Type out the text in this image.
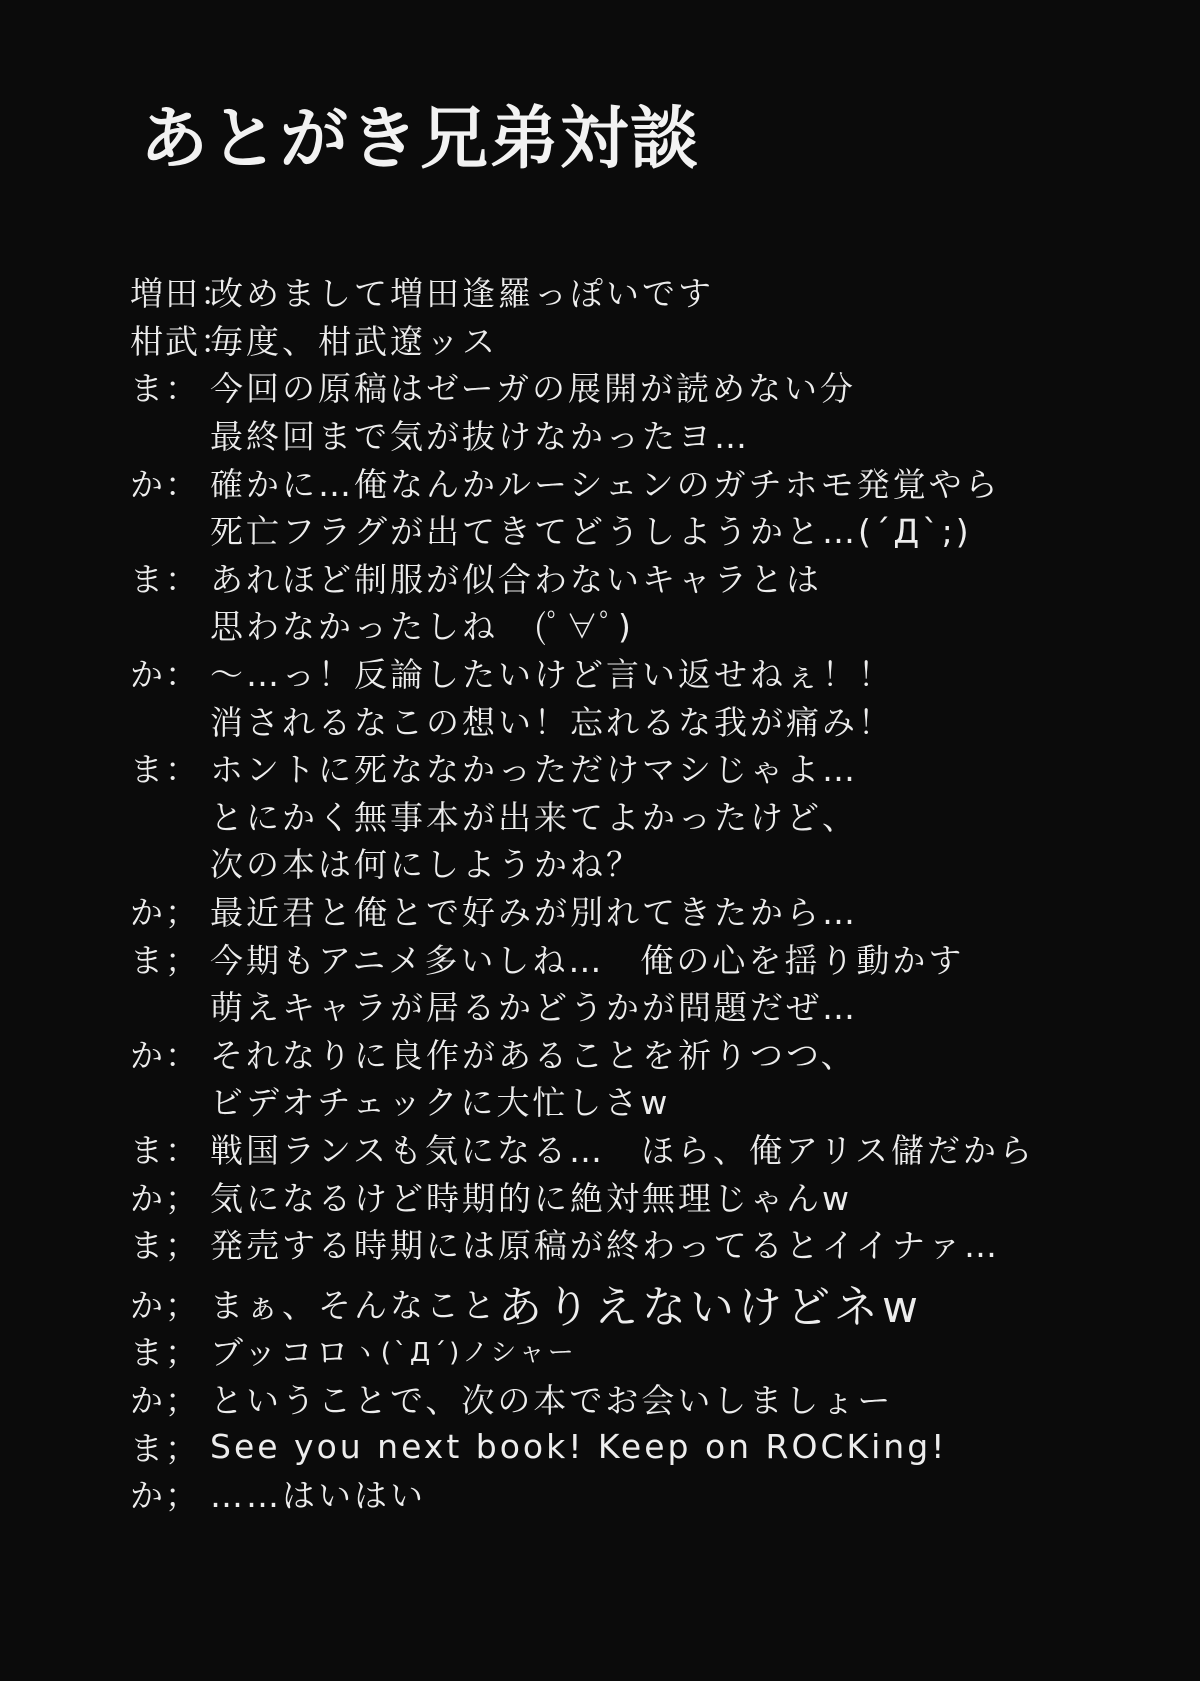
あとがき兄弟対談
増田：
改めまして増田逢羅っぽいです
柑武：
毎度、柑武遼ッス
ま： 今回の原稿はゼーガの展開が読めない分
最終回まで気が抜けなかったヨ…
か： 確かに…俺なんかルーシェンのガチホモ発覚やら
死亡フラグが出てきてどうしようかと…(´Д`;)
ま： あれほど制服が似合わないキャラとは
思わなかったしね　(ﾟ∀ﾟ)
か： 〜…っ！反論したいけど言い返せねぇ！！
消されるなこの想い！忘れるな我が痛み！
ま： ホントに死ななかっただけマシじゃよ…
とにかく無事本が出来てよかったけど、
次の本は何にしようかね？
か； 最近君と俺とで好みが別れてきたから…
ま； 今期もアニメ多いしね…　俺の心を揺り動かす
萌えキャラが居るかどうかが問題だぜ…
か： それなりに良作があることを祈りつつ、
ビデオチェックに大忙しさw
ま： 戦国ランスも気になる…　ほら、俺アリス儲だから
か； 気になるけど時期的に絶対無理じゃんw
ま； 発売する時期には原稿が終わってるとイイナァ…
か； まぁ、そんなこと ありえないけどネw
ま； ブッコロ ヽ(`Д´)ノシャー
か； ということで、次の本でお会いしましょー
ま； See you next book! Keep on ROCKing!
か； ……はいはい
